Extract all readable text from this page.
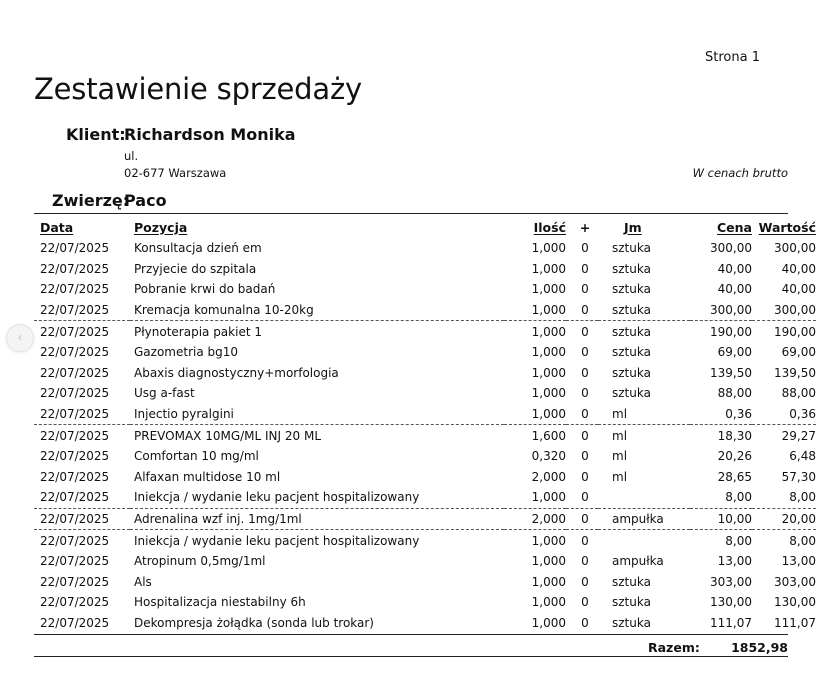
Strona 1
Zestawienie sprzedaży
Klient:
Richardson Monika
ul.
02-677 Warszawa	W cenach brutto
Zwierzę:
Paco
Data	Pozycja	Ilość	+	Jm	Cena	Wartość
22/07/2025	Konsultacja dzień em	1,000	0	sztuka	300,00	300,00
22/07/2025	Przyjecie do szpitala	1,000	0	sztuka	40,00	40,00
22/07/2025	Pobranie krwi do badań	1,000	0	sztuka	40,00	40,00
22/07/2025	Kremacja komunalna 10-20kg	1,000	0	sztuka	300,00	300,00
22/07/2025	Płynoterapia pakiet 1	1,000	0	sztuka	190,00	190,00
22/07/2025	Gazometria bg10	1,000	0	sztuka	69,00	69,00
22/07/2025	Abaxis diagnostyczny+morfologia	1,000	0	sztuka	139,50	139,50
22/07/2025	Usg a-fast	1,000	0	sztuka	88,00	88,00
22/07/2025	Injectio pyralgini	1,000	0	ml	0,36	0,36
22/07/2025	PREVOMAX 10MG/ML INJ 20 ML	1,600	0	ml	18,30	29,27
22/07/2025	Comfortan 10 mg/ml	0,320	0	ml	20,26	6,48
22/07/2025	Alfaxan multidose 10 ml	2,000	0	ml	28,65	57,30
22/07/2025	Iniekcja / wydanie leku pacjent hospitalizowany	1,000	0		8,00	8,00
22/07/2025	Adrenalina wzf inj. 1mg/1ml	2,000	0	ampułka	10,00	20,00
22/07/2025	Iniekcja / wydanie leku pacjent hospitalizowany	1,000	0		8,00	8,00
22/07/2025	Atropinum 0,5mg/1ml	1,000	0	ampułka	13,00	13,00
22/07/2025	Als	1,000	0	sztuka	303,00	303,00
22/07/2025	Hospitalizacja niestabilny 6h	1,000	0	sztuka	130,00	130,00
22/07/2025	Dekompresja żołądka (sonda lub trokar)	1,000	0	sztuka	111,07	111,07
Razem: 1852,98
‹
